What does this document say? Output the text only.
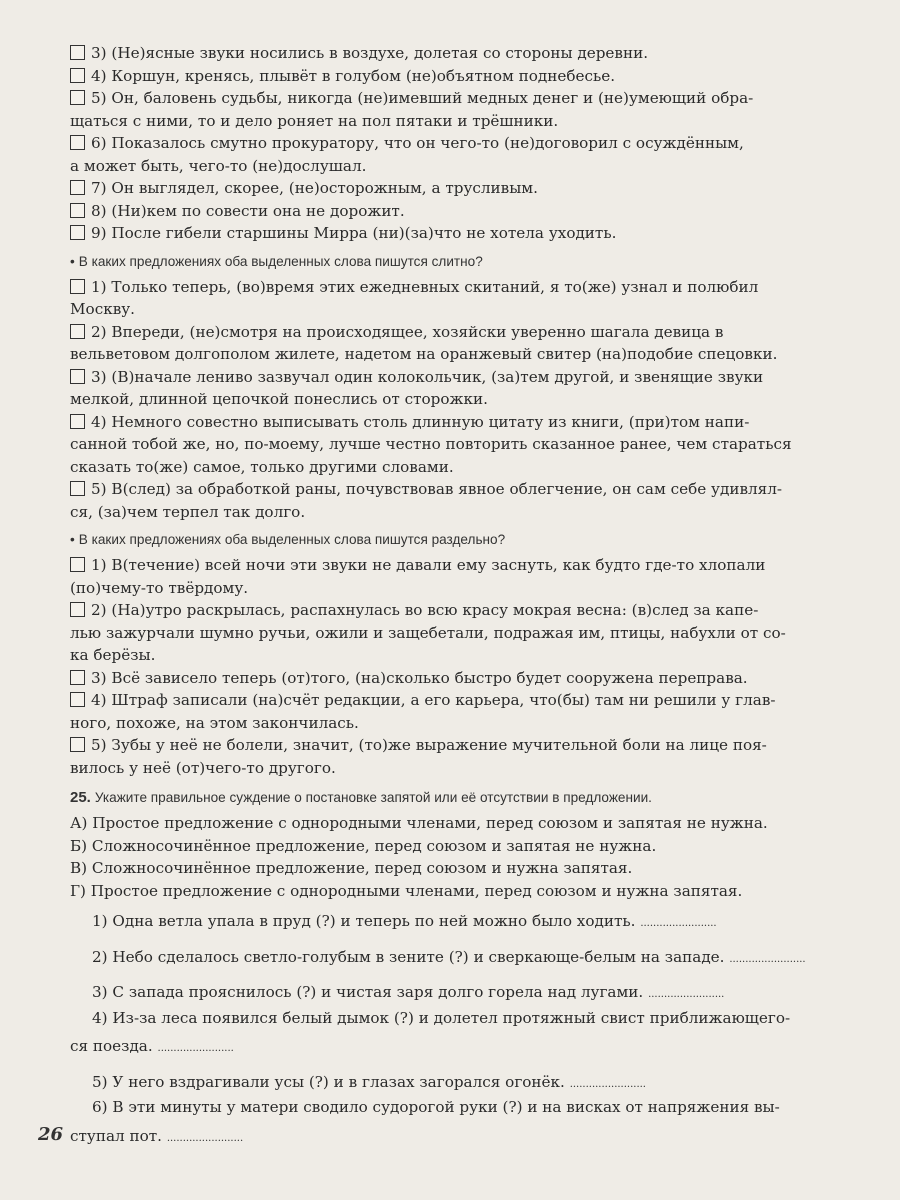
3) (Не)ясные звуки носились в воздухе, долетая со стороны деревни.

4) Коршун, кренясь, плывёт в голубом (не)объятном поднебесье.

5) Он, баловень судьбы, никогда (не)имевший медных денег и (не)умеющий обра-

щаться с ними, то и дело роняет на пол пятаки и трёшники.

6) Показалось смутно прокуратору, что он чего-то (не)договорил с осуждённым,

а может быть, чего-то (не)дослушал.

7) Он выглядел, скорее, (не)осторожным, а трусливым.

8) (Ни)кем по совести она не дорожит.

9) После гибели старшины Мирра (ни)(за)что не хотела уходить.

• В каких предложениях оба выделенных слова пишутся слитно?

1) Только теперь, (во)время этих ежедневных скитаний, я то(же) узнал и полюбил

Москву.

2) Впереди, (не)смотря на происходящее, хозяйски уверенно шагала девица в

вельветовом долгополом жилете, надетом на оранжевый свитер (на)подобие спецовки.

3) (В)начале лениво зазвучал один колокольчик, (за)тем другой, и звенящие звуки

мелкой, длинной цепочкой понеслись от сторожки.

4) Немного совестно выписывать столь длинную цитату из книги, (при)том напи-

санной тобой же, но, по-моему, лучше честно повторить сказанное ранее, чем стараться

сказать то(же) самое, только другими словами.

5) В(след) за обработкой раны, почувствовав явное облегчение, он сам себе удивлял-

ся, (за)чем терпел так долго.

• В каких предложениях оба выделенных слова пишутся раздельно?

1) В(течение) всей ночи эти звуки не давали ему заснуть, как будто где-то хлопали

(по)чему-то твёрдому.

2) (На)утро раскрылась, распахнулась во всю красу мокрая весна: (в)след за капе-

лью зажурчали шумно ручьи, ожили и защебетали, подражая им, птицы, набухли от со-

ка берёзы.

3) Всё зависело теперь (от)того, (на)сколько быстро будет сооружена переправа.

4) Штраф записали (на)счёт редакции, а его карьера, что(бы) там ни решили у глав-

ного, похоже, на этом закончилась.

5) Зубы у неё не болели, значит, (то)же выражение мучительной боли на лице поя-

вилось у неё (от)чего-то другого.

25. Укажите правильное суждение о постановке запятой или её отсутствии в предложении.

А) Простое предложение с однородными членами, перед союзом и запятая не нужна.

Б) Сложносочинённое предложение, перед союзом и запятая не нужна.

В) Сложносочинённое предложение, перед союзом и нужна запятая.

Г) Простое предложение с однородными членами, перед союзом и нужна запятая.

1) Одна ветла упала в пруд (?) и теперь по ней можно было ходить. ........................

2) Небо сделалось светло-голубым в зените (?) и сверкающе-белым на западе. ........................

3) С запада прояснилось (?) и чистая заря долго горела над лугами. ........................

4) Из-за леса появился белый дымок (?) и долетел протяжный свист приближающего-

ся поезда. ........................

5) У него вздрагивали усы (?) и в глазах загорался огонёк. ........................

6) В эти минуты у матери сводило судорогой руки (?) и на висках от напряжения вы-

ступал пот. ........................

26
